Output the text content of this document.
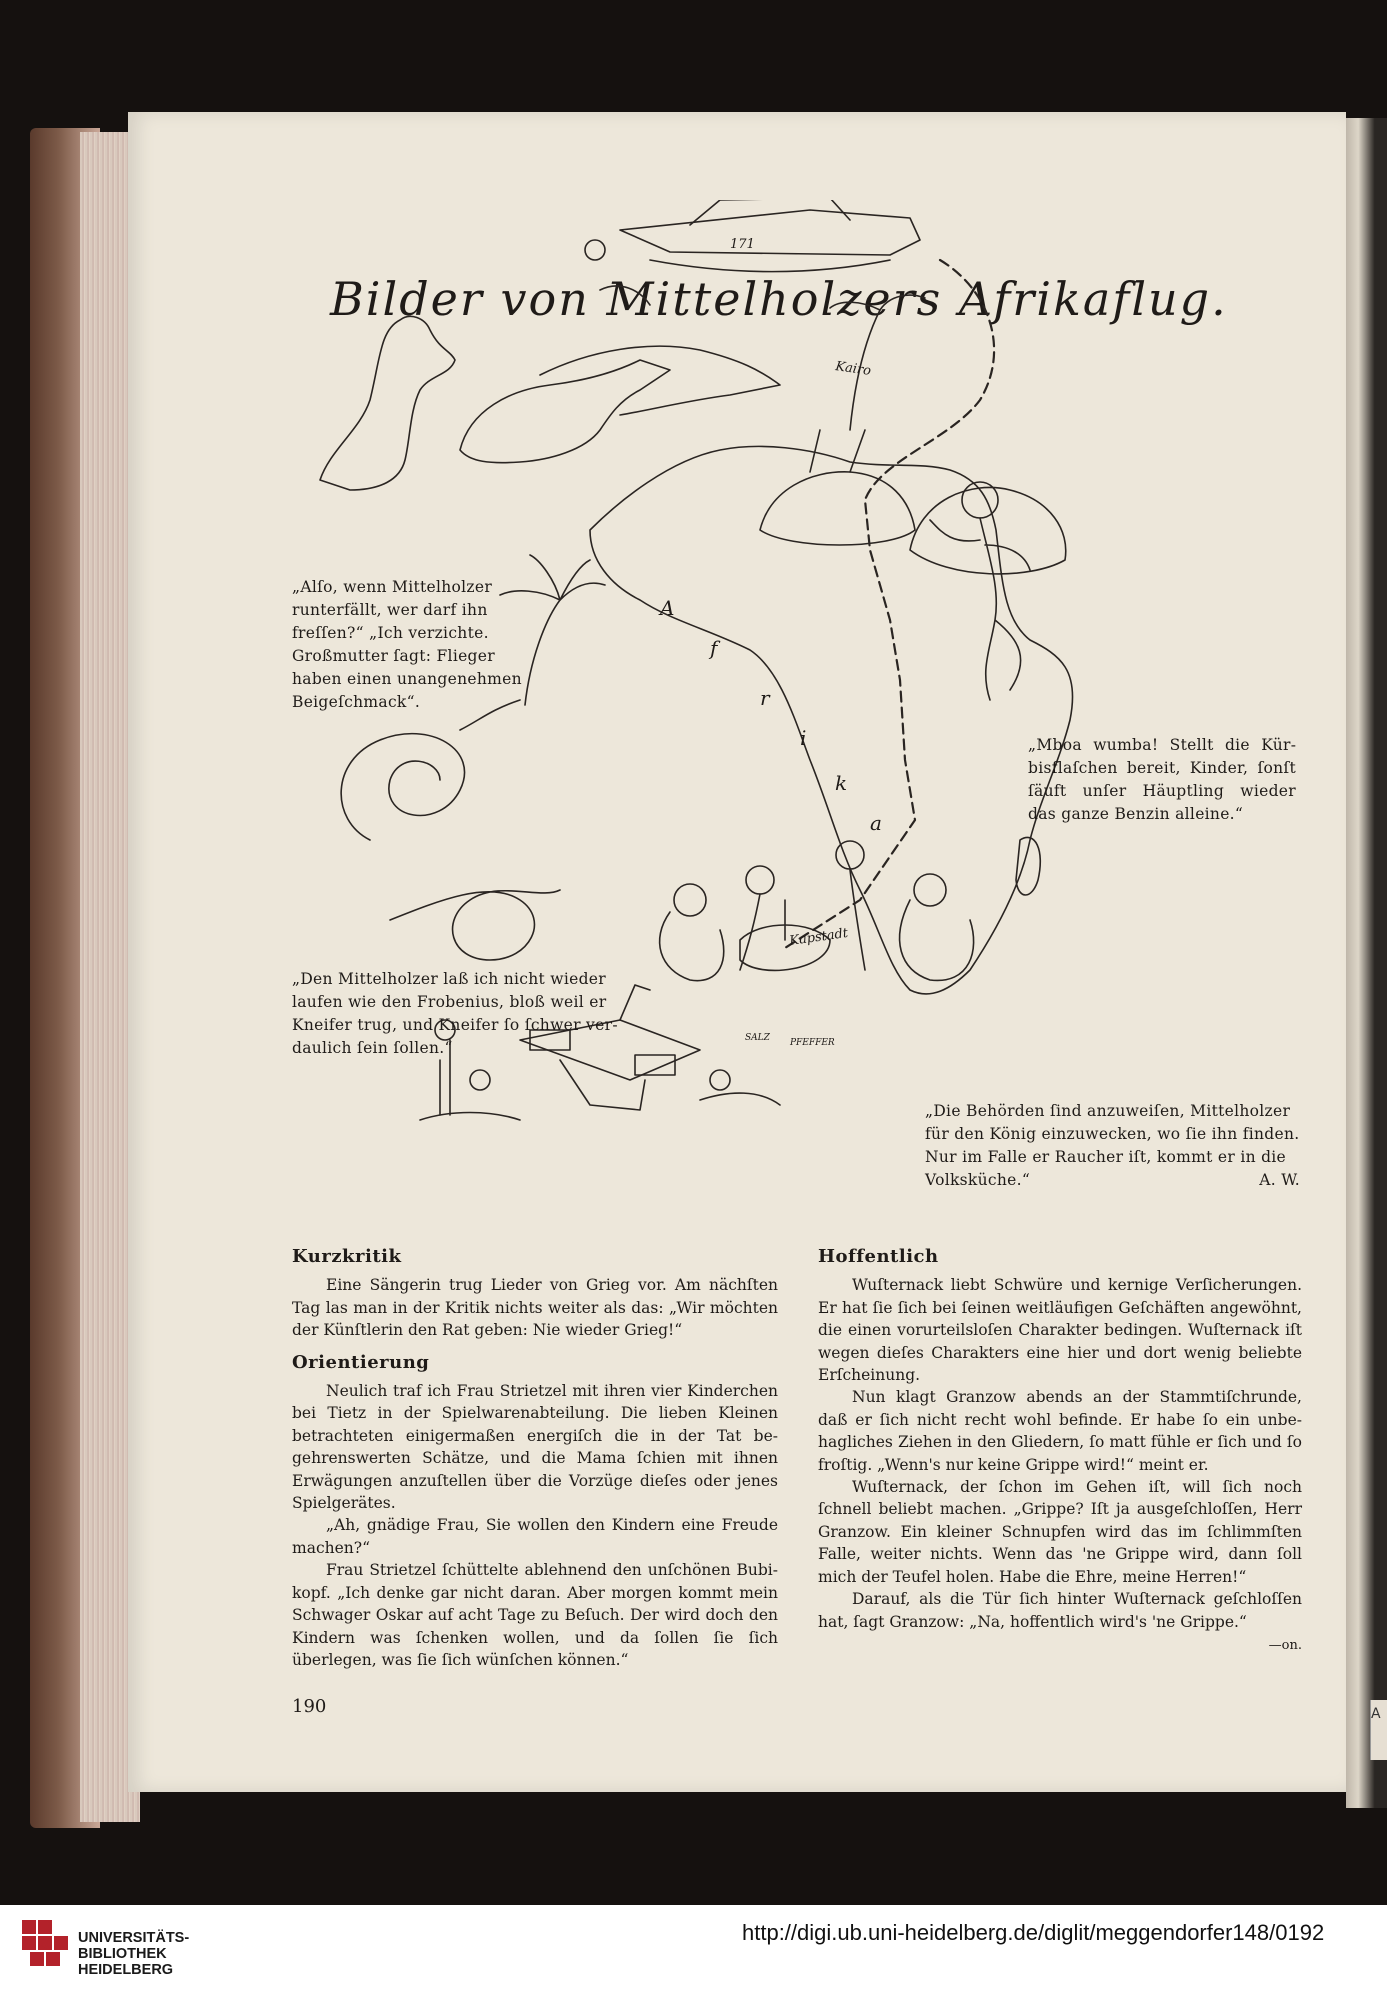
A
Bilder von Mittelholzers Afrikaflug.
Kairo
Kapstadt
171
SALZ PFEFFER
A
f
r
i
k
a

„Alſo, wenn Mittelholzer runterfällt, wer darf ihn freſſen?“ „Ich verzichte. Großmutter ſagt: Flieger haben einen unangenehmen Beigeſchmack“.

„Mboa wumba! Stellt die Kürbisflaſchen bereit, Kinder, ſonſt ſäuft unſer Häuptling wieder das ganze Benzin alleine.“

„Den Mittelholzer laß ich nicht wieder laufen wie den Frobenius, bloß weil er Kneifer trug, und Kneifer ſo ſchwer verdaulich ſein ſollen.“

„Die Behörden ſind anzuweiſen, Mittelholzer für den König einzuwecken, wo ſie ihn finden. Nur im Falle er Raucher iſt, kommt er in die Volksküche.“	A. W.

Kurzkritik

Eine Sängerin trug Lieder von Grieg vor. Am nächſten Tag las man in der Kritik nichts weiter als das: „Wir möchten der Künſtlerin den Rat geben: Nie wieder Grieg!“

Orientierung

Neulich traf ich Frau Strietzel mit ihren vier Kinderchen bei Tietz in der Spielwarenabteilung. Die lieben Kleinen betrachteten einigermaßen energiſch die in der Tat begehrenswerten Schätze, und die Mama ſchien mit ihnen Erwägungen anzuſtellen über die Vorzüge dieſes oder jenes Spielgerätes.

„Ah, gnädige Frau, Sie wollen den Kindern eine Freude machen?“

Frau Strietzel ſchüttelte ablehnend den unſchönen Bubikopf. „Ich denke gar nicht daran. Aber morgen kommt mein Schwager Oskar auf acht Tage zu Beſuch. Der wird doch den Kindern was ſchenken wollen, und da ſollen ſie ſich überlegen, was ſie ſich wünſchen können.“

Hoffentlich

Wuſternack liebt Schwüre und kernige Verſicherungen. Er hat ſie ſich bei ſeinen weitläufigen Geſchäften angewöhnt, die einen vorurteilsloſen Charakter bedingen. Wuſternack iſt wegen dieſes Charakters eine hier und dort wenig beliebte Erſcheinung.

Nun klagt Granzow abends an der Stammtiſchrunde, daß er ſich nicht recht wohl befinde. Er habe ſo ein unbehagliches Ziehen in den Gliedern, ſo matt fühle er ſich und ſo froſtig. „Wenn's nur keine Grippe wird!“ meint er.

Wuſternack, der ſchon im Gehen iſt, will ſich noch ſchnell beliebt machen. „Grippe? Iſt ja ausgeſchloſſen, Herr Granzow. Ein kleiner Schnupfen wird das im ſchlimmſten Falle, weiter nichts. Wenn das 'ne Grippe wird, dann ſoll mich der Teufel holen. Habe die Ehre, meine Herren!“

Darauf, als die Tür ſich hinter Wuſternack geſchloſſen hat, ſagt Granzow: „Na, hoffentlich wird's 'ne Grippe.“

—on.
190
UNIVERSITÄTS-
BIBLIOTHEK
HEIDELBERG
http://digi.ub.uni-heidelberg.de/diglit/meggendorfer148/0192
